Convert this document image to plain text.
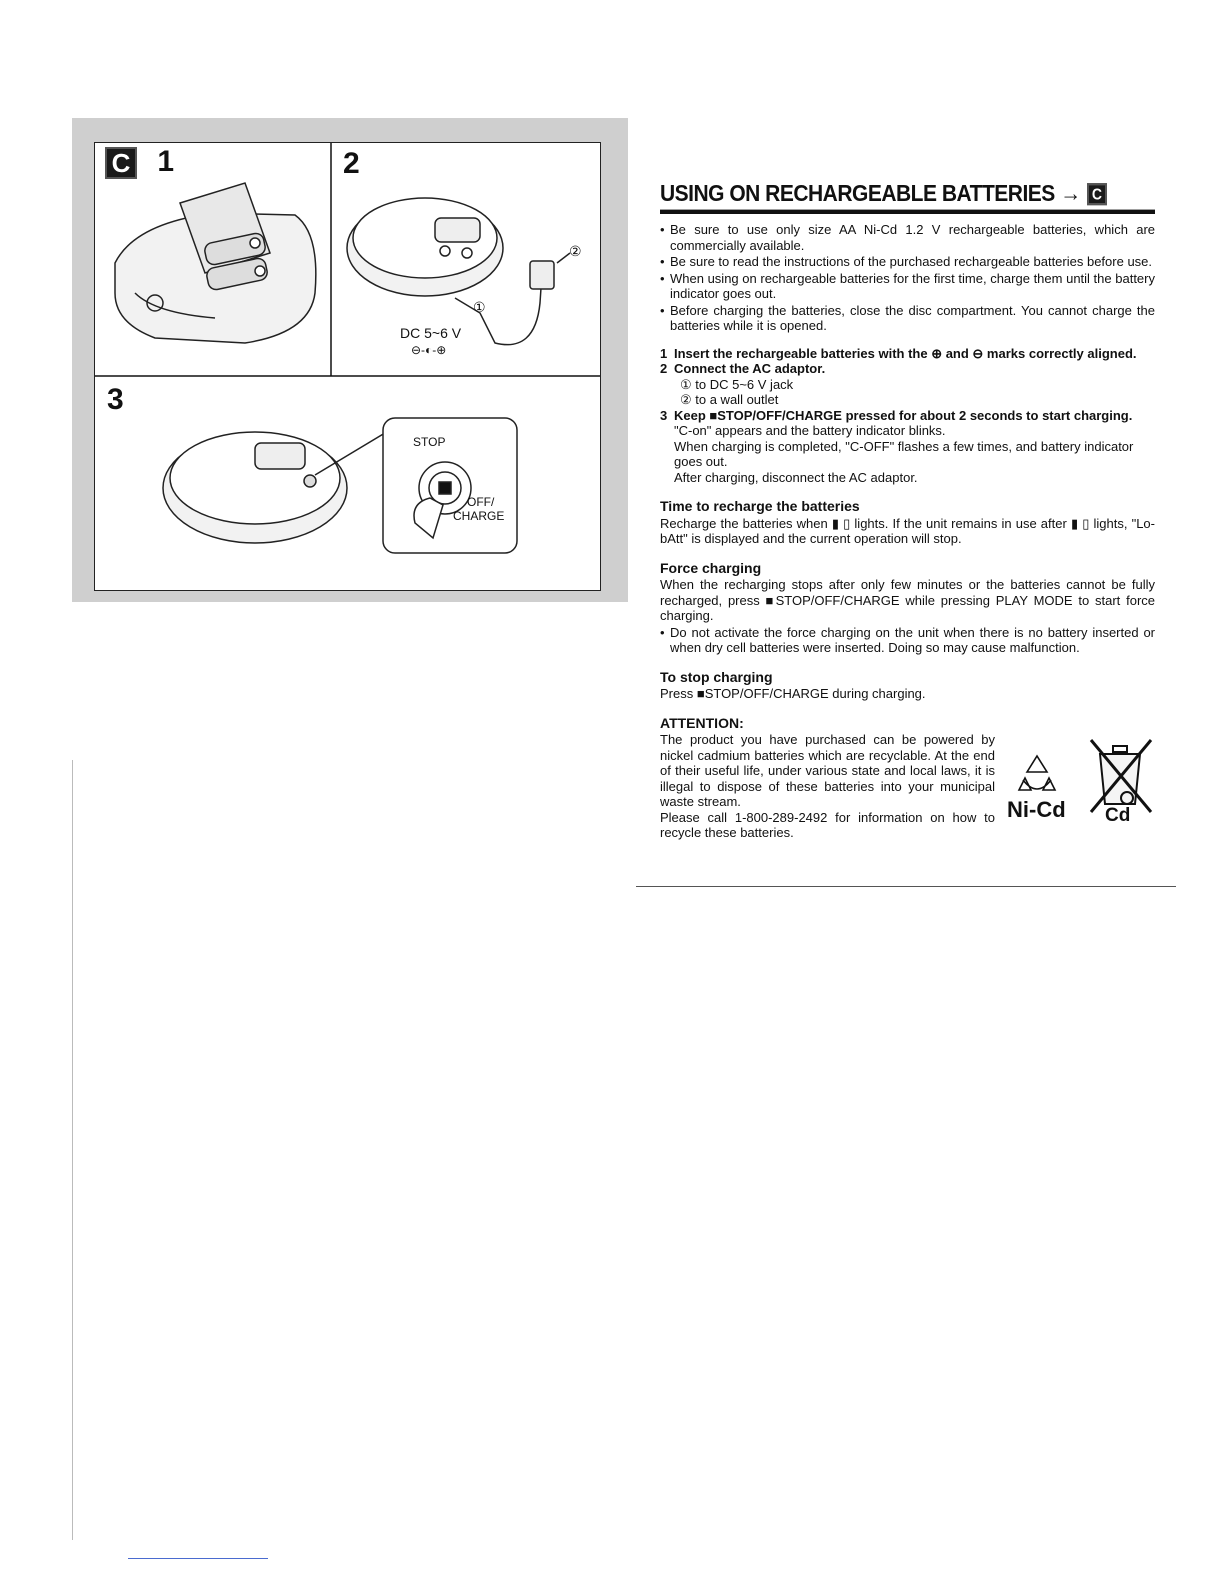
C 1	2
3
DC 5~6 V
⊖-◐-⊕
①
②
STOP
OFF/
CHARGE
USING ON RECHARGEABLE BATTERIES → C
• Be sure to use only size AA Ni-Cd 1.2 V rechargeable batteries, which are commercially available.
• Be sure to read the instructions of the purchased rechargeable batteries before use.
• When using on rechargeable batteries for the first time, charge them until the battery indicator goes out.
• Before charging the batteries, close the disc compartment. You cannot charge the batteries while it is opened.
1 Insert the rechargeable batteries with the ⊕ and ⊖ marks correctly aligned.
2 Connect the AC adaptor.
① to DC 5~6 V jack
② to a wall outlet
3 Keep ■STOP/OFF/CHARGE pressed for about 2 seconds to start charging.
"C-on" appears and the battery indicator blinks.
When charging is completed, "C-OFF" flashes a few times, and battery indicator goes out.
After charging, disconnect the AC adaptor.
Time to recharge the batteries

Recharge the batteries when ▮ ▯ lights. If the unit remains in use after ▮ ▯ lights, "Lo-bAtt" is displayed and the current operation will stop.

Force charging

When the recharging stops after only few minutes or the batteries cannot be fully recharged, press ■STOP/OFF/CHARGE while pressing PLAY MODE to start force charging.

• Do not activate the force charging on the unit when there is no battery inserted or when dry cell batteries were inserted. Doing so may cause malfunction.
To stop charging

Press ■STOP/OFF/CHARGE during charging.

ATTENTION:

The product you have purchased can be powered by nickel cadmium batteries which are recyclable. At the end of their useful life, under various state and local laws, it is illegal to dispose of these batteries into your municipal waste stream.

Please call 1-800-289-2492 for information on how to recycle these batteries.

Ni-Cd Cd
